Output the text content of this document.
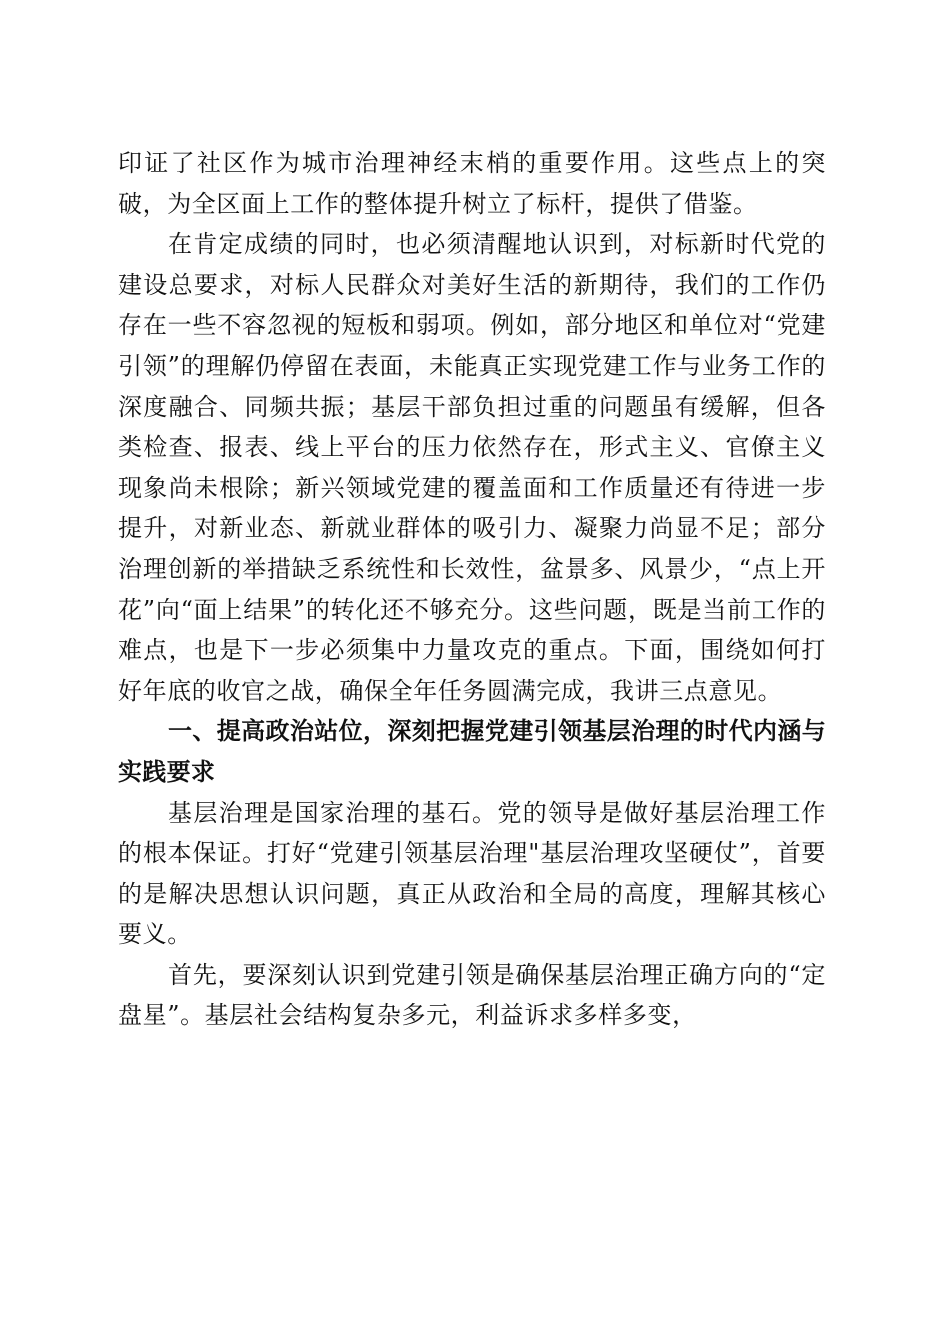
印证了社区作为城市治理神经末梢的重要作用。这些点上的突破，为全区面上工作的整体提升树立了标杆，提供了借鉴。

在肯定成绩的同时，也必须清醒地认识到，对标新时代党的建设总要求，对标人民群众对美好生活的新期待，我们的工作仍存在一些不容忽视的短板和弱项。例如，部分地区和单位对“党建引领”的理解仍停留在表面，未能真正实现党建工作与业务工作的深度融合、同频共振；基层干部负担过重的问题虽有缓解，但各类检查、报表、线上平台的压力依然存在，形式主义、官僚主义现象尚未根除；新兴领域党建的覆盖面和工作质量还有待进一步提升，对新业态、新就业群体的吸引力、凝聚力尚显不足；部分治理创新的举措缺乏系统性和长效性，盆景多、风景少，“点上开花”向“面上结果”的转化还不够充分。这些问题，既是当前工作的难点，也是下一步必须集中力量攻克的重点。下面，围绕如何打好年底的收官之战，确保全年任务圆满完成，我讲三点意见。

一、提高政治站位，深刻把握党建引领基层治理的时代内涵与实践要求

基层治理是国家治理的基石。党的领导是做好基层治理工作的根本保证。打好“党建引领基层治理"基层治理攻坚硬仗”，首要的是解决思想认识问题，真正从政治和全局的高度，理解其核心要义。

首先，要深刻认识到党建引领是确保基层治理正确方向的“定盘星”。基层社会结构复杂多元，利益诉求多样多变，
